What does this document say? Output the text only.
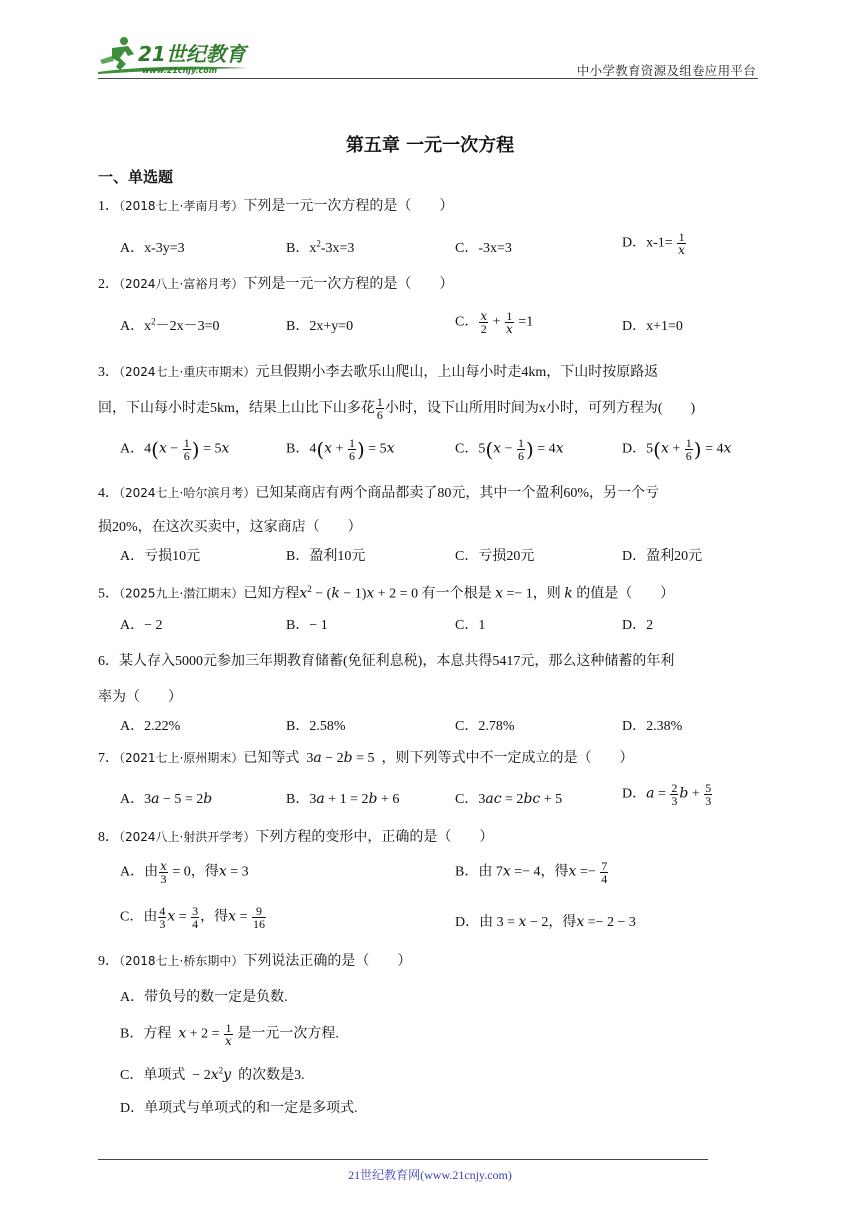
21世纪教育
www.21cnjy.com	中小学教育资源及组卷应用平台
第五章 一元一次方程
一、单选题
1．（2018七上·孝南月考）下列是一元一次方程的是（　　）
A．x-3y=3	B．$x^2-3x=3$	C．-3x=3	D．$x-1= \frac{1}{x}$
2．（2024八上·富裕月考）下列是一元一次方程的是（　　）
A．$x^2-2x-3=0$	B．2x+y=0	C． $\frac{x}{2} + \frac{1}{x} =1$	D．x+1=0
3．（2024七上·重庆市期末）元旦假期小李去歌乐山爬山，上山每小时走4km，下山时按原路返
回，下山每小时走5km，结果上山比下山多花 $\frac{1}{6}$ 小时，设下山所用时间为x小时，可列方程为(　　)
A．$4(x - \frac{1}{6}$ ) = 5x	B．$4(x + \frac{1}{6}$ ) = 5x	C．$5(x - \frac{1}{6}$ ) = 4x	D．$5(x + \frac{1}{6}$ ) = 4x
4．（2024七上·哈尔滨月考）已知某商店有两个商品都卖了80元，其中一个盈利60%，另一个亏
损20%，在这次买卖中，这家商店（　　）
A．亏损10元	B．盈利10元	C．亏损20元	D．盈利20元
5．（2025九上·潜江期末）已知方程$x^2 - (k - 1)x + 2 = 0$ 有一个根是 x =− 1，则 k 的值是（　　）
A．− 2	B．− 1	C．1	D．2
6．某人存入5000元参加三年期教育储蓄(免征利息税)，本息共得5417元，那么这种储蓄的年利
率为（　　）
A．2.22%	B．2.58%	C．2.78%	D．2.38%
7．（2021七上·原州期末）已知等式  3a − 2b = 5  ，则下列等式中不一定成立的是（　　）
A．3a − 5 = 2b	B．3a + 1 = 2b + 6	C．3ac = 2bc + 5	D．$a = \frac{2}{3}$ $b + \frac{5}{3}$
8．（2024八上·射洪开学考）下列方程的变形中，正确的是（　　）
A．由 $\frac{x}{3} = 0$，得x = 3	B．由 7x =− 4，得$x =- \frac{7}{4}$
C．由 $\frac{4}{3}$ $x = \frac{3}{4}$ ，得$x = \frac{9}{16}$	D．由 3 = x − 2，得x =− 2 − 3
9．（2018七上·桥东期中）下列说法正确的是（　　）
A．带负号的数一定是负数.
B．方程 $x + 2 = \frac{1}{x}$ 是一元一次方程.
C．单项式  − $2x^2y$ 的次数是3.
D．单项式与单项式的和一定是多项式.
21世纪教育网(www.21cnjy.com)
